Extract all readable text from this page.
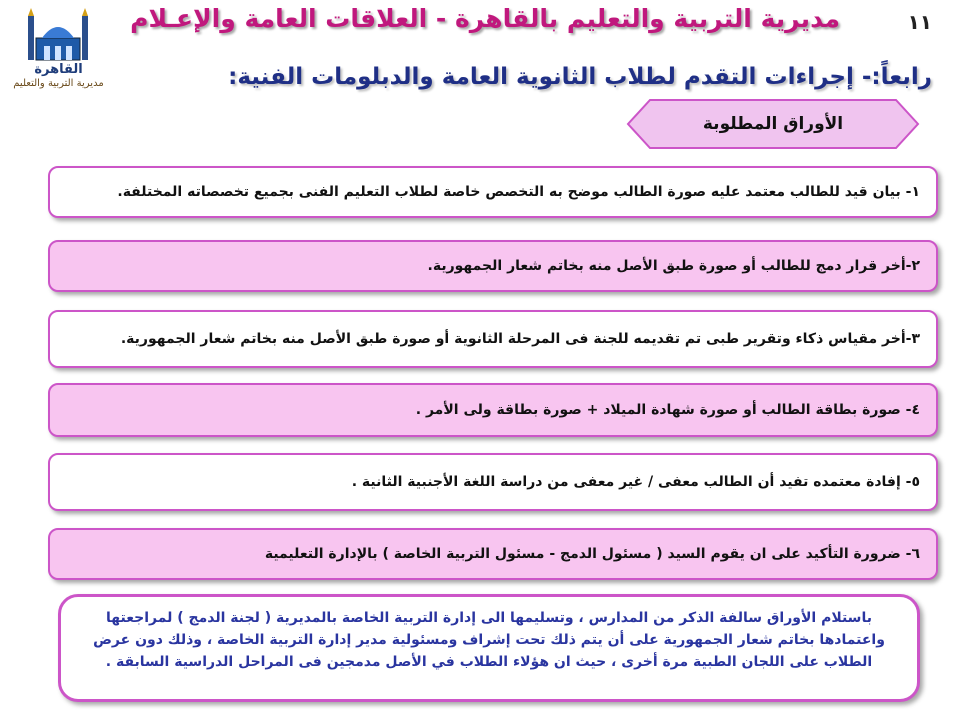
١١
مديرية التربية والتعليم بالقاهرة - العلاقات العامة والإعـلام
القاهرة
مديرية التربية والتعليم	رابعاً:- إجراءات التقدم لطلاب الثانوية العامة والدبلومات الفنية:
الأوراق المطلوبة
١- بيان قيد للطالب معتمد عليه صورة الطالب موضح به التخصص خاصة لطلاب التعليم الفنى بجميع تخصصاته المختلفة.
٢-أخر قرار دمج للطالب أو صورة طبق الأصل منه بخاتم شعار الجمهورية.
٣-أخر مقياس ذكاء وتقرير طبى تم تقديمه للجنة فى المرحلة الثانوية أو صورة طبق الأصل منه بخاتم شعار الجمهورية.
٤- صورة بطاقة الطالب أو صورة شهادة الميلاد + صورة بطاقة ولى الأمر .
٥- إفادة معتمده تفيد أن الطالب معفى / غير معفى من دراسة اللغة الأجنبية الثانية .
٦- ضرورة التأكيد على ان يقوم السيد ( مسئول الدمج - مسئول التربية الخاصة ) بالإدارة التعليمية
باستلام الأوراق سالفة الذكر من المدارس ، وتسليمها الى إدارة التربية الخاصة بالمديرية ( لجنة الدمج ) لمراجعتها
واعتمادها بخاتم شعار الجمهورية على أن يتم ذلك تحت إشراف ومسئولية مدير إدارة التربية الخاصة ، وذلك دون عرض
الطلاب على اللجان الطبية مرة أخرى ، حيث ان هؤلاء الطلاب في الأصل مدمجين فى المراحل الدراسية السابقة .
